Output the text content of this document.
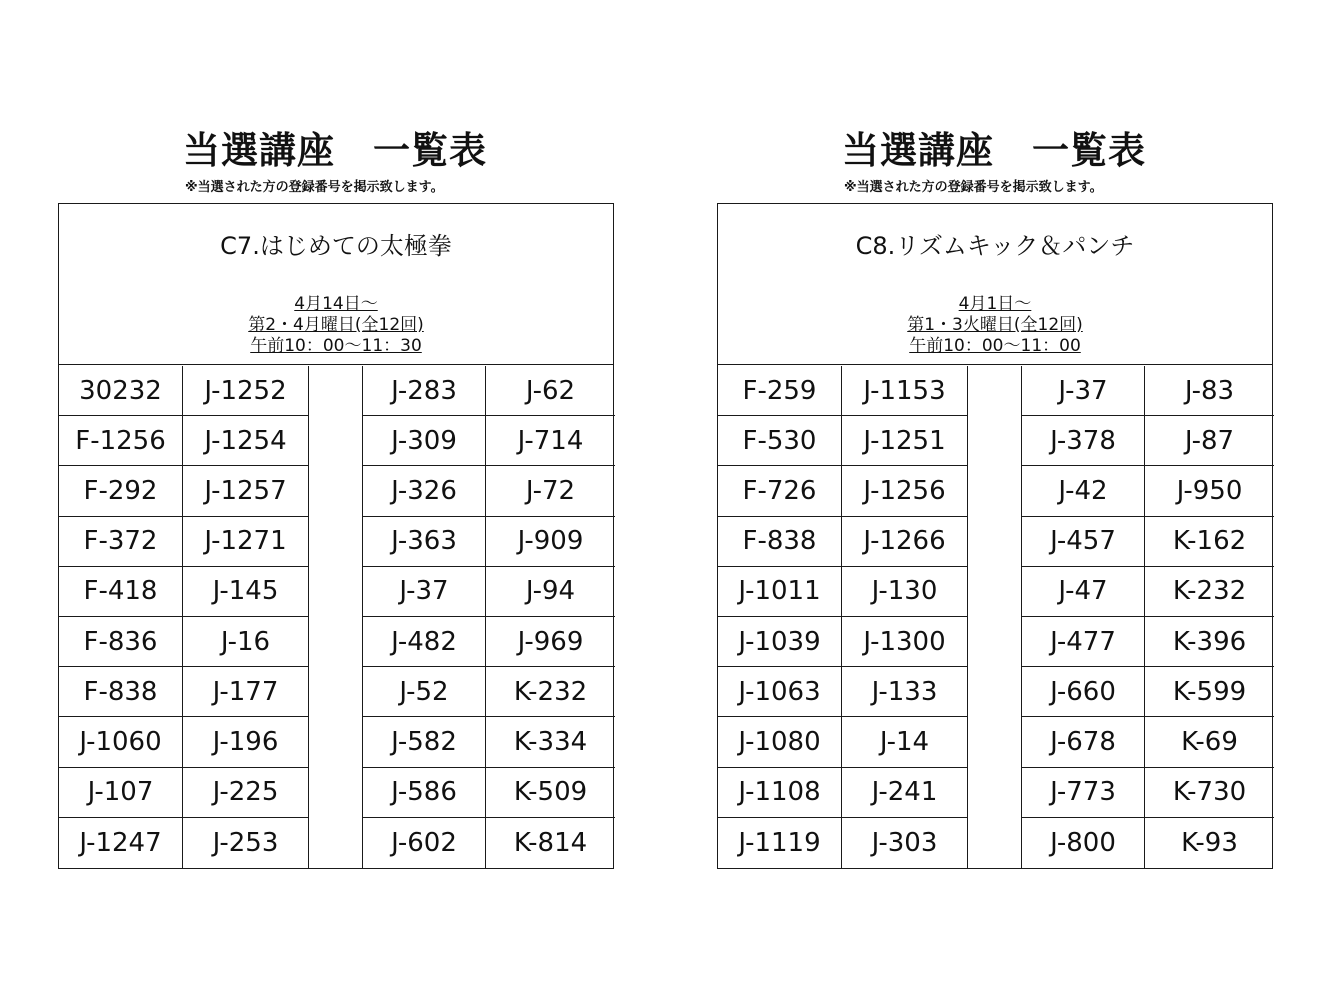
当選講座　一覧表
※当選された方の登録番号を掲示致します。
C7.はじめての太極拳
4月14日～
第2・4月曜日(全12回)
午前10：00～11：30
30232
F-1256
F-292
F-372
F-418
F-836
F-838
J-1060
J-107
J-1247
J-1252
J-1254
J-1257
J-1271
J-145
J-16
J-177
J-196
J-225
J-253
J-283
J-309
J-326
J-363
J-37
J-482
J-52
J-582
J-586
J-602
J-62
J-714
J-72
J-909
J-94
J-969
K-232
K-334
K-509
K-814
当選講座　一覧表
※当選された方の登録番号を掲示致します。
C8.リズムキック＆パンチ
4月1日～
第1・3火曜日(全12回)
午前10：00～11：00
F-259
F-530
F-726
F-838
J-1011
J-1039
J-1063
J-1080
J-1108
J-1119
J-1153
J-1251
J-1256
J-1266
J-130
J-1300
J-133
J-14
J-241
J-303
J-37
J-378
J-42
J-457
J-47
J-477
J-660
J-678
J-773
J-800
J-83
J-87
J-950
K-162
K-232
K-396
K-599
K-69
K-730
K-93
